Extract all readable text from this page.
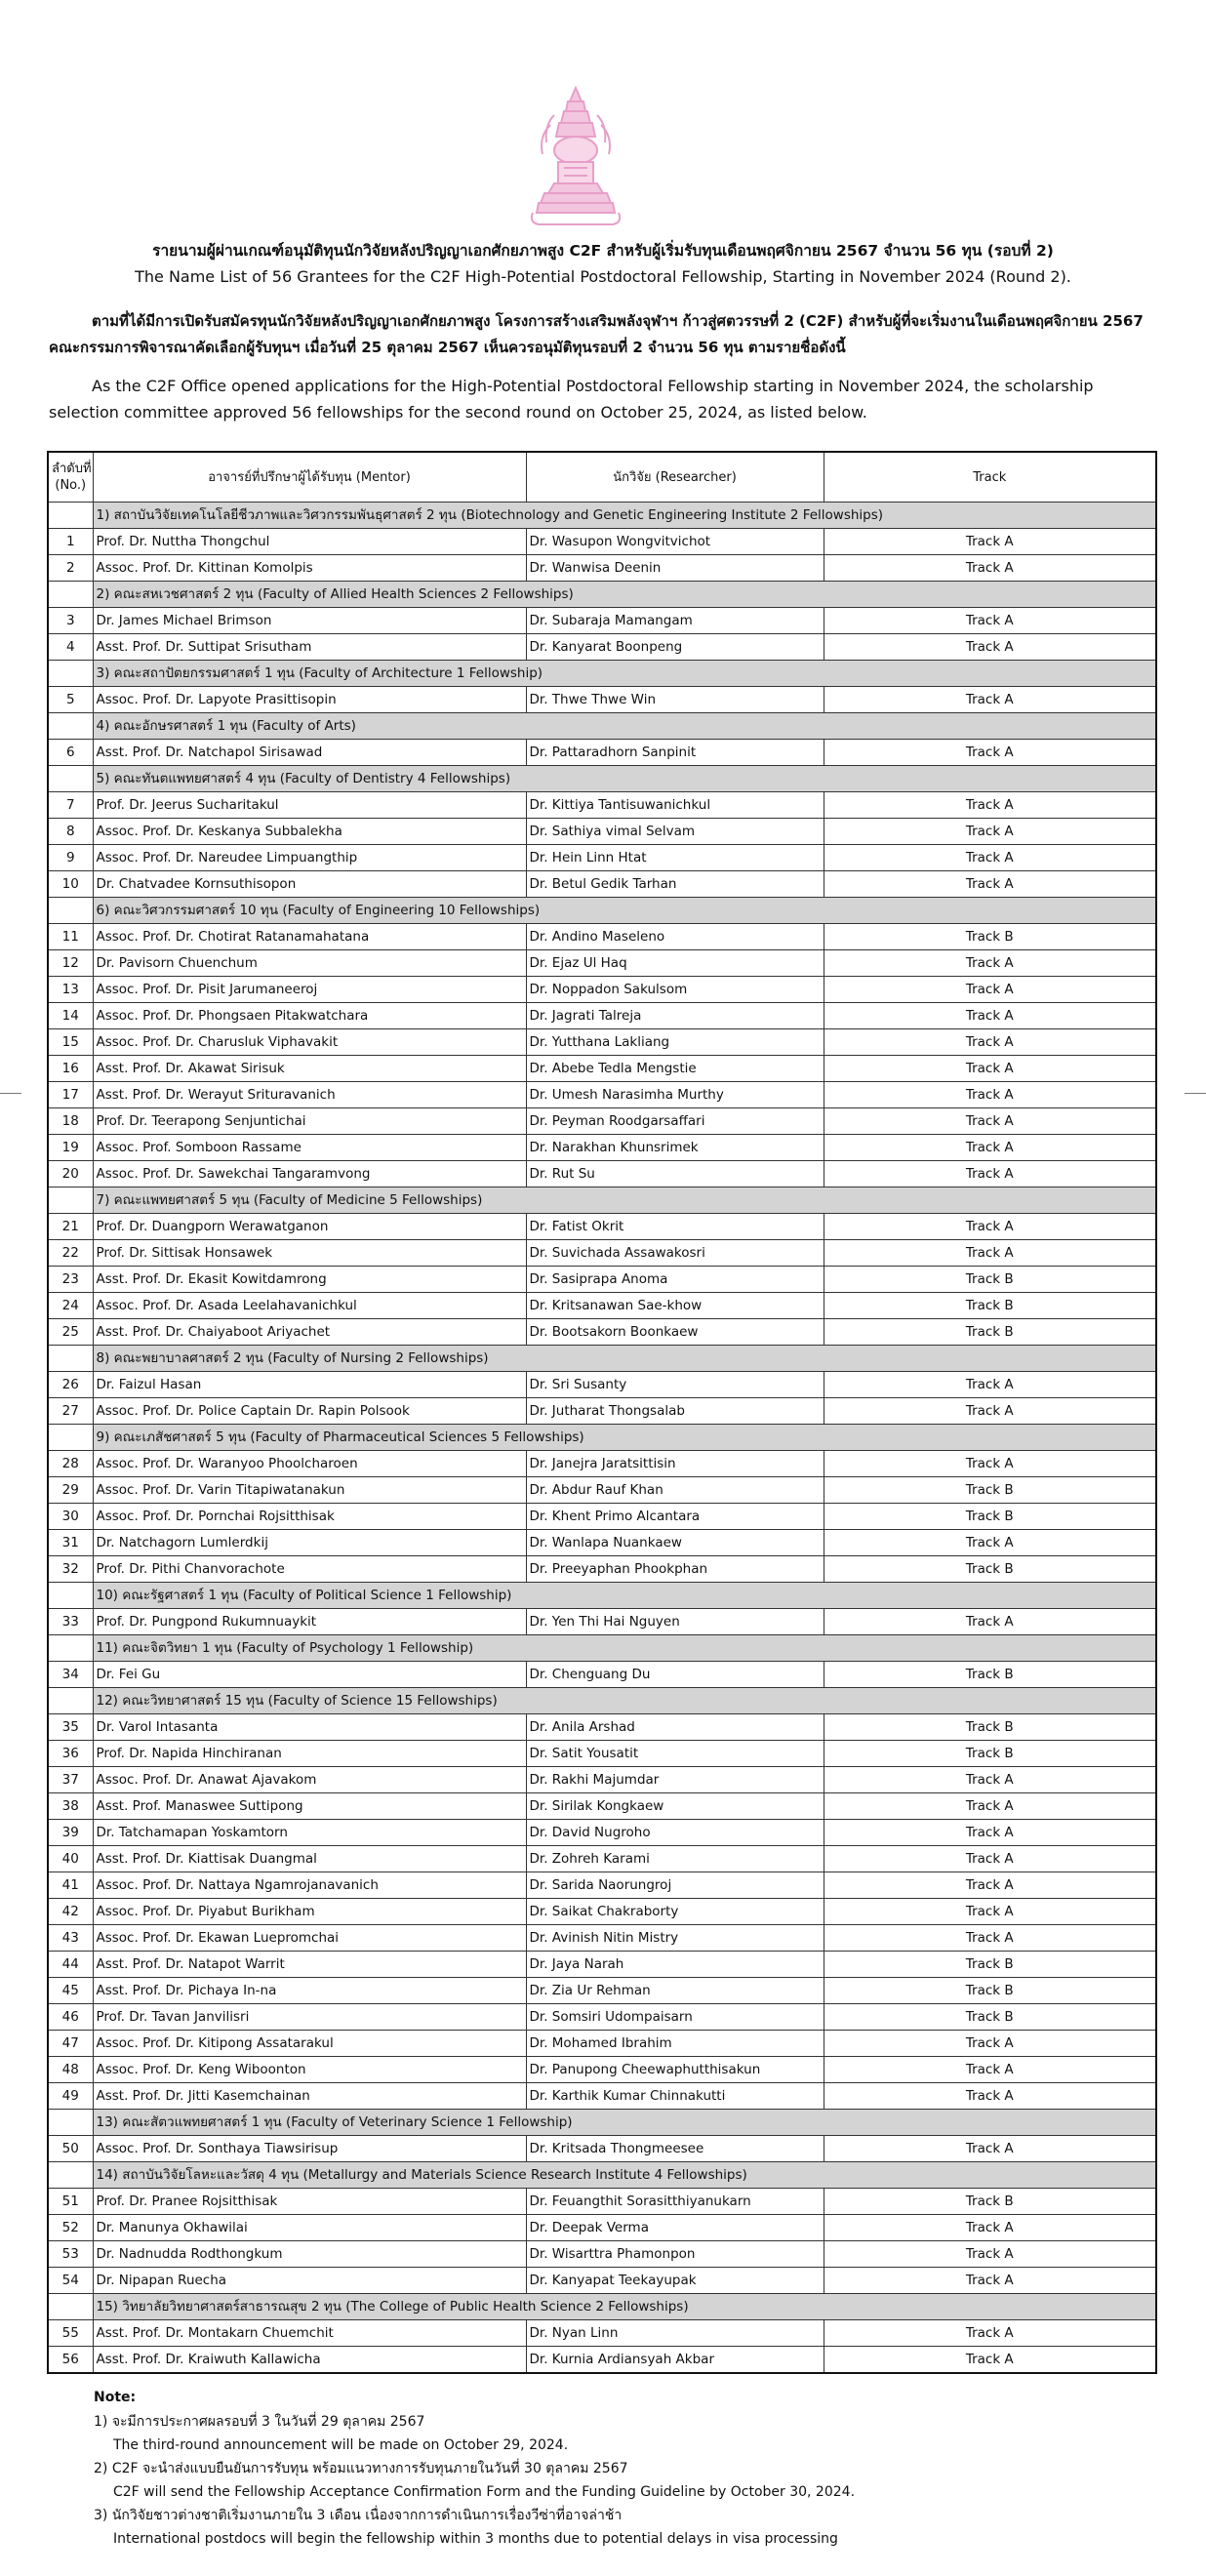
รายนามผู้ผ่านเกณฑ์อนุมัติทุนนักวิจัยหลังปริญญาเอกศักยภาพสูง C2F สำหรับผู้เริ่มรับทุนเดือนพฤศจิกายน 2567 จำนวน 56 ทุน (รอบที่ 2)
The Name List of 56 Grantees for the C2F High-Potential Postdoctoral Fellowship, Starting in November 2024 (Round 2).
ตามที่ได้มีการเปิดรับสมัครทุนนักวิจัยหลังปริญญาเอกศักยภาพสูง โครงการสร้างเสริมพลังจุฬาฯ ก้าวสู่ศตวรรษที่ 2 (C2F) สำหรับผู้ที่จะเริ่มงานในเดือนพฤศจิกายน 2567 คณะกรรมการพิจารณาคัดเลือกผู้รับทุนฯ เมื่อวันที่ 25 ตุลาคม 2567 เห็นควรอนุมัติทุนรอบที่ 2 จำนวน 56 ทุน ตามรายชื่อดังนี้
As the C2F Office opened applications for the High-Potential Postdoctoral Fellowship starting in November 2024, the scholarship selection committee approved 56 fellowships for the second round on October 25, 2024, as listed below.
ลำดับที่
(No.)	อาจารย์ที่ปรึกษาผู้ได้รับทุน (Mentor)	นักวิจัย (Researcher)	Track
	1) สถาบันวิจัยเทคโนโลยีชีวภาพและวิศวกรรมพันธุศาสตร์ 2 ทุน (Biotechnology and Genetic Engineering Institute 2 Fellowships)		
1	Prof. Dr. Nuttha Thongchul	Dr. Wasupon Wongvitvichot	Track A
2	Assoc. Prof. Dr. Kittinan Komolpis	Dr. Wanwisa Deenin	Track A
	2) คณะสหเวชศาสตร์ 2 ทุน (Faculty of Allied Health Sciences 2 Fellowships)		
3	Dr. James Michael Brimson	Dr. Subaraja Mamangam	Track A
4	Asst. Prof. Dr. Suttipat Srisutham	Dr. Kanyarat Boonpeng	Track A
	3) คณะสถาปัตยกรรมศาสตร์ 1 ทุน (Faculty of Architecture 1 Fellowship)		
5	Assoc. Prof. Dr. Lapyote Prasittisopin	Dr. Thwe Thwe Win	Track A
	4) คณะอักษรศาสตร์ 1 ทุน (Faculty of Arts)		
6	Asst. Prof. Dr. Natchapol Sirisawad	Dr. Pattaradhorn Sanpinit	Track A
	5) คณะทันตแพทยศาสตร์ 4 ทุน (Faculty of Dentistry 4 Fellowships)		
7	Prof. Dr. Jeerus Sucharitakul	Dr. Kittiya Tantisuwanichkul	Track A
8	Assoc. Prof. Dr. Keskanya Subbalekha	Dr. Sathiya vimal Selvam	Track A
9	Assoc. Prof. Dr. Nareudee Limpuangthip	Dr. Hein Linn Htat	Track A
10	Dr. Chatvadee Kornsuthisopon	Dr. Betul Gedik Tarhan	Track A
	6) คณะวิศวกรรมศาสตร์ 10 ทุน (Faculty of Engineering 10 Fellowships)		
11	Assoc. Prof. Dr. Chotirat Ratanamahatana	Dr. Andino Maseleno	Track B
12	Dr. Pavisorn Chuenchum	Dr. Ejaz Ul Haq	Track A
13	Assoc. Prof. Dr. Pisit Jarumaneeroj	Dr. Noppadon Sakulsom	Track A
14	Assoc. Prof. Dr. Phongsaen Pitakwatchara	Dr. Jagrati Talreja	Track A
15	Assoc. Prof. Dr. Charusluk Viphavakit	Dr. Yutthana Lakliang	Track A
16	Asst. Prof. Dr. Akawat Sirisuk	Dr. Abebe Tedla Mengstie	Track A
17	Asst. Prof. Dr. Werayut Srituravanich	Dr. Umesh Narasimha Murthy	Track A
18	Prof. Dr. Teerapong Senjuntichai	Dr. Peyman Roodgarsaffari	Track A
19	Assoc. Prof. Somboon Rassame	Dr. Narakhan Khunsrimek	Track A
20	Assoc. Prof. Dr. Sawekchai Tangaramvong	Dr. Rut Su	Track A
	7) คณะแพทยศาสตร์ 5 ทุน (Faculty of Medicine 5 Fellowships)		
21	Prof. Dr. Duangporn Werawatganon	Dr. Fatist Okrit	Track A
22	Prof. Dr. Sittisak Honsawek	Dr. Suvichada Assawakosri	Track A
23	Asst. Prof. Dr. Ekasit Kowitdamrong	Dr. Sasiprapa Anoma	Track B
24	Assoc. Prof. Dr. Asada Leelahavanichkul	Dr. Kritsanawan Sae-khow	Track B
25	Asst. Prof. Dr. Chaiyaboot Ariyachet	Dr. Bootsakorn Boonkaew	Track B
	8) คณะพยาบาลศาสตร์ 2 ทุน (Faculty of Nursing 2 Fellowships)		
26	Dr. Faizul Hasan	Dr. Sri Susanty	Track A
27	Assoc. Prof. Dr. Police Captain Dr. Rapin Polsook	Dr. Jutharat Thongsalab	Track A
	9) คณะเภสัชศาสตร์ 5 ทุน (Faculty of Pharmaceutical Sciences 5 Fellowships)		
28	Assoc. Prof. Dr. Waranyoo Phoolcharoen	Dr. Janejra Jaratsittisin	Track A
29	Assoc. Prof. Dr. Varin Titapiwatanakun	Dr. Abdur Rauf Khan	Track B
30	Assoc. Prof. Dr. Pornchai Rojsitthisak	Dr. Khent Primo Alcantara	Track B
31	Dr. Natchagorn Lumlerdkij	Dr. Wanlapa Nuankaew	Track A
32	Prof. Dr. Pithi Chanvorachote	Dr. Preeyaphan Phookphan	Track B
	10) คณะรัฐศาสตร์ 1 ทุน (Faculty of Political Science 1 Fellowship)		
33	Prof. Dr. Pungpond Rukumnuaykit	Dr. Yen Thi Hai Nguyen	Track A
	11) คณะจิตวิทยา 1 ทุน (Faculty of Psychology 1 Fellowship)		
34	Dr. Fei Gu	Dr. Chenguang Du	Track B
	12) คณะวิทยาศาสตร์ 15 ทุน (Faculty of Science 15 Fellowships)		
35	Dr. Varol Intasanta	Dr. Anila Arshad	Track B
36	Prof. Dr. Napida Hinchiranan	Dr. Satit Yousatit	Track B
37	Assoc. Prof. Dr. Anawat Ajavakom	Dr. Rakhi Majumdar	Track A
38	Asst. Prof. Manaswee Suttipong	Dr. Sirilak Kongkaew	Track A
39	Dr. Tatchamapan Yoskamtorn	Dr. David Nugroho	Track A
40	Asst. Prof. Dr. Kiattisak Duangmal	Dr. Zohreh Karami	Track A
41	Assoc. Prof. Dr. Nattaya Ngamrojanavanich	Dr. Sarida Naorungroj	Track A
42	Assoc. Prof. Dr. Piyabut Burikham	Dr. Saikat Chakraborty	Track A
43	Assoc. Prof. Dr. Ekawan Luepromchai	Dr. Avinish Nitin Mistry	Track A
44	Asst. Prof. Dr. Natapot Warrit	Dr. Jaya Narah	Track B
45	Asst. Prof. Dr. Pichaya In-na	Dr. Zia Ur Rehman	Track B
46	Prof. Dr. Tavan Janvilisri	Dr. Somsiri Udompaisarn	Track B
47	Assoc. Prof. Dr. Kitipong Assatarakul	Dr. Mohamed Ibrahim	Track A
48	Assoc. Prof. Dr. Keng Wiboonton	Dr. Panupong Cheewaphutthisakun	Track A
49	Asst. Prof. Dr. Jitti Kasemchainan	Dr. Karthik Kumar Chinnakutti	Track A
	13) คณะสัตวแพทยศาสตร์ 1 ทุน (Faculty of Veterinary Science 1 Fellowship)		
50	Assoc. Prof. Dr. Sonthaya Tiawsirisup	Dr. Kritsada Thongmeesee	Track A
	14) สถาบันวิจัยโลหะและวัสดุ 4 ทุน (Metallurgy and Materials Science Research Institute 4 Fellowships)		
51	Prof. Dr. Pranee Rojsitthisak	Dr. Feuangthit Sorasitthiyanukarn	Track B
52	Dr. Manunya Okhawilai	Dr. Deepak Verma	Track A
53	Dr. Nadnudda Rodthongkum	Dr. Wisarttra Phamonpon	Track A
54	Dr. Nipapan Ruecha	Dr. Kanyapat Teekayupak	Track A
	15) วิทยาลัยวิทยาศาสตร์สาธารณสุข 2 ทุน (The College of Public Health Science 2 Fellowships)		
55	Asst. Prof. Dr. Montakarn Chuemchit	Dr. Nyan Linn	Track A
56	Asst. Prof. Dr. Kraiwuth Kallawicha	Dr. Kurnia Ardiansyah Akbar	Track A
Note:
1) จะมีการประกาศผลรอบที่ 3 ในวันที่ 29 ตุลาคม 2567
The third-round announcement will be made on October 29, 2024.
2) C2F จะนำส่งแบบยืนยันการรับทุน พร้อมแนวทางการรับทุนภายในวันที่ 30 ตุลาคม 2567
C2F will send the Fellowship Acceptance Confirmation Form and the Funding Guideline by October 30, 2024.
3) นักวิจัยชาวต่างชาติเริ่มงานภายใน 3 เดือน เนื่องจากการดำเนินการเรื่องวีซ่าที่อาจล่าช้า
International postdocs will begin the fellowship within 3 months due to potential delays in visa processing
